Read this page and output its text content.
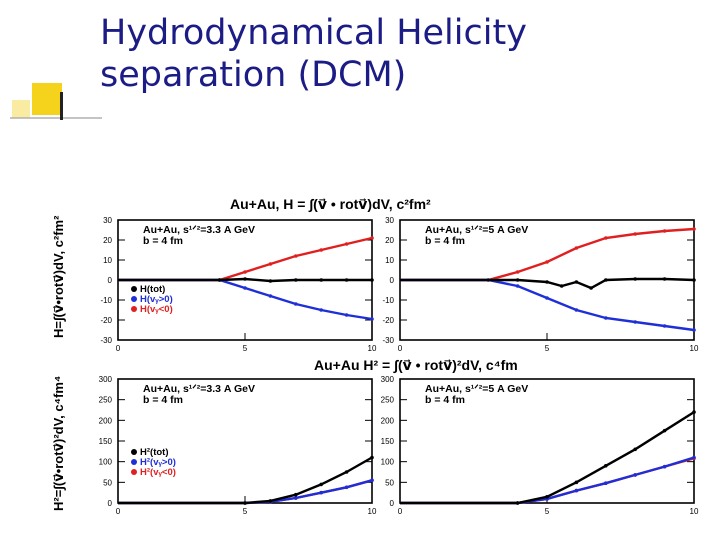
Hydrodynamical Helicity
separation (DCM)
Au+Au, H = ∫(v⃗ • rotv⃗)dV, c²fm²
Au+Au H² = ∫(v⃗ • rotv⃗)²dV, c⁴fm
H=∫(v⃗•rotv⃗)dV, c²fm²
H²=∫(v⃗•rotv⃗)²dV, c⁴fm⁴
-30
-20
-10
0
10
20
30
0	5	10
Au+Au, s¹ᐟ²=3.3 A GeV
b = 4 fm
H(tot)
H(vᵧ>0)
H(vᵧ<0)
-30
-20
-10
0
10
20
30
0	5	10
Au+Au, s¹ᐟ²=5 A GeV
b = 4 fm
0
50
100
150
200
250
300
0	5	10
Au+Au, s¹ᐟ²=3.3 A GeV
b = 4 fm
H²(tot)
H²(vᵧ>0)
H²(vᵧ<0)
0
50
100
150
200
250
300
0	5	10
Au+Au, s¹ᐟ²=5 A GeV
b = 4 fm
